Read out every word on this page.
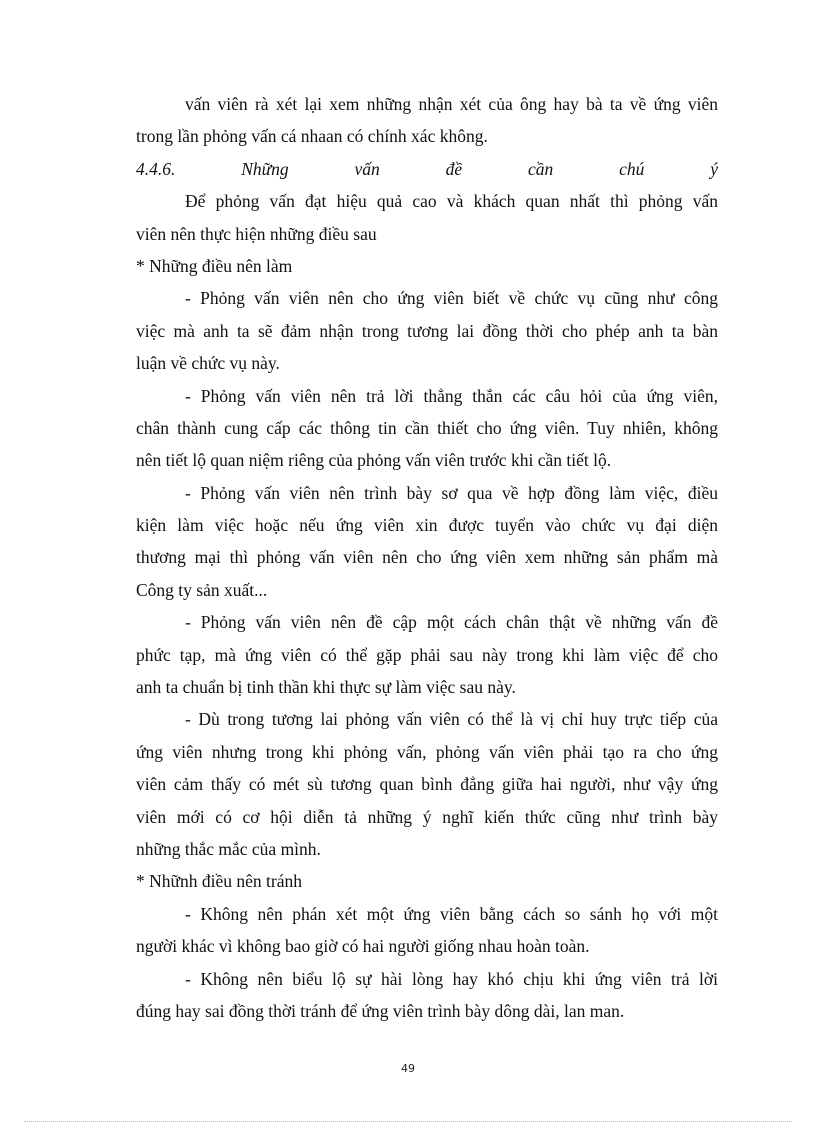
vấn viên rà xét lại xem những nhận xét của ông hay bà ta về ứng viên
trong lần phỏng vấn cá nhaan có chính xác không.
4.4.6. Những vấn đề cần chú ý
Để phỏng vấn đạt hiệu quả cao và khách quan nhất thì phỏng vấn
viên nên thực hiện những điều sau
* Những điều nên làm
- Phỏng vấn viên nên cho ứng viên biết về chức vụ cũng như công
việc mà anh ta sẽ đảm nhận trong tương lai đồng thời cho phép anh ta bàn
luận về chức vụ này.
- Phỏng vấn viên nên trả lời thẳng thắn các câu hỏi của ứng viên,
chân thành cung cấp các thông tin cần thiết cho ứng viên. Tuy nhiên, không
nên tiết lộ quan niệm riêng của phỏng vấn viên trước khi cần tiết lộ.
- Phỏng vấn viên nên trình bày sơ qua về hợp đồng làm việc, điều
kiện làm việc hoặc nếu ứng viên xin được tuyển vào chức vụ đại diện
thương mại thì phỏng vấn viên nên cho ứng viên xem những sản phẩm mà
Công ty sản xuất...
- Phỏng vấn viên nên đề cập một cách chân thật về những vấn đề
phức tạp, mà ứng viên có thể gặp phải sau này trong khi làm việc để cho
anh ta chuẩn bị tinh thần khi thực sự làm việc sau này.
- Dù trong tương lai phỏng vấn viên có thể là vị chỉ huy trực tiếp của
ứng viên nhưng trong khi phỏng vấn, phỏng vấn viên phải tạo ra cho ứng
viên cảm thấy có mét sù tương quan bình đẳng giữa hai người, như vậy ứng
viên mới có cơ hội diễn tả những ý nghĩ kiến thức cũng như trình bày
những thắc mắc của mình.
* Nhữnh điều nên tránh
- Không nên phán xét một ứng viên bằng cách so sánh họ với một
người khác vì không bao giờ có hai người giống nhau hoàn toàn.
- Không nên biểu lộ sự hài lòng hay khó chịu khi ứng viên trả lời
đúng hay sai đồng thời tránh để ứng viên trình bày dông dài, lan man.
49
